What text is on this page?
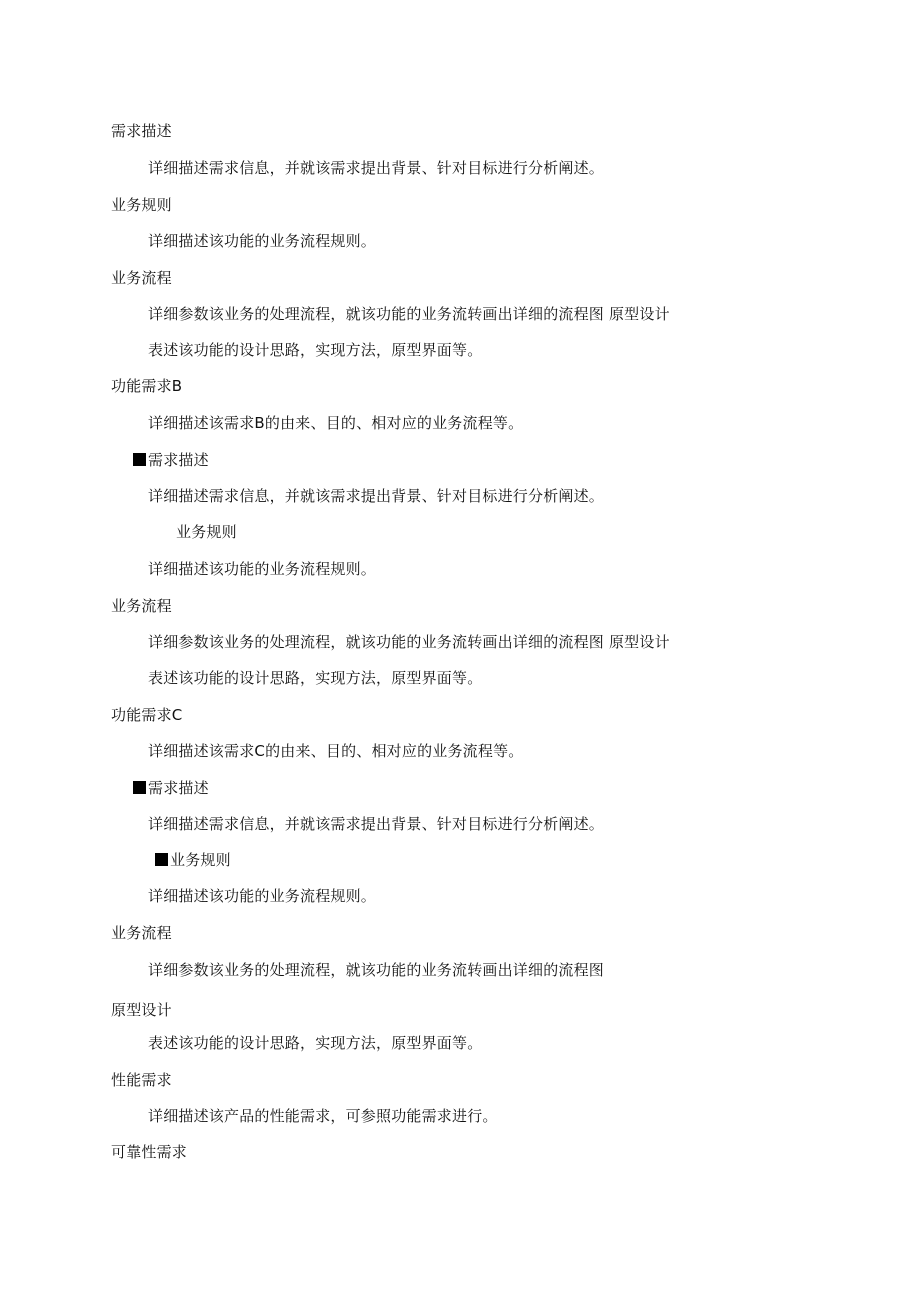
需求描述
详细描述需求信息，并就该需求提出背景、针对目标进行分析阐述。
业务规则
详细描述该功能的业务流程规则。
业务流程
详细参数该业务的处理流程，就该功能的业务流转画出详细的流程图 原型设计
表述该功能的设计思路，实现方法，原型界面等。
功能需求B
详细描述该需求B的由来、目的、相对应的业务流程等。
需求描述
详细描述需求信息，并就该需求提出背景、针对目标进行分析阐述。
业务规则
详细描述该功能的业务流程规则。
业务流程
详细参数该业务的处理流程，就该功能的业务流转画出详细的流程图 原型设计
表述该功能的设计思路，实现方法，原型界面等。
功能需求C
详细描述该需求C的由来、目的、相对应的业务流程等。
需求描述
详细描述需求信息，并就该需求提出背景、针对目标进行分析阐述。
业务规则
详细描述该功能的业务流程规则。
业务流程
详细参数该业务的处理流程，就该功能的业务流转画出详细的流程图
原型设计
表述该功能的设计思路，实现方法，原型界面等。
性能需求
详细描述该产品的性能需求，可参照功能需求进行。
可靠性需求
